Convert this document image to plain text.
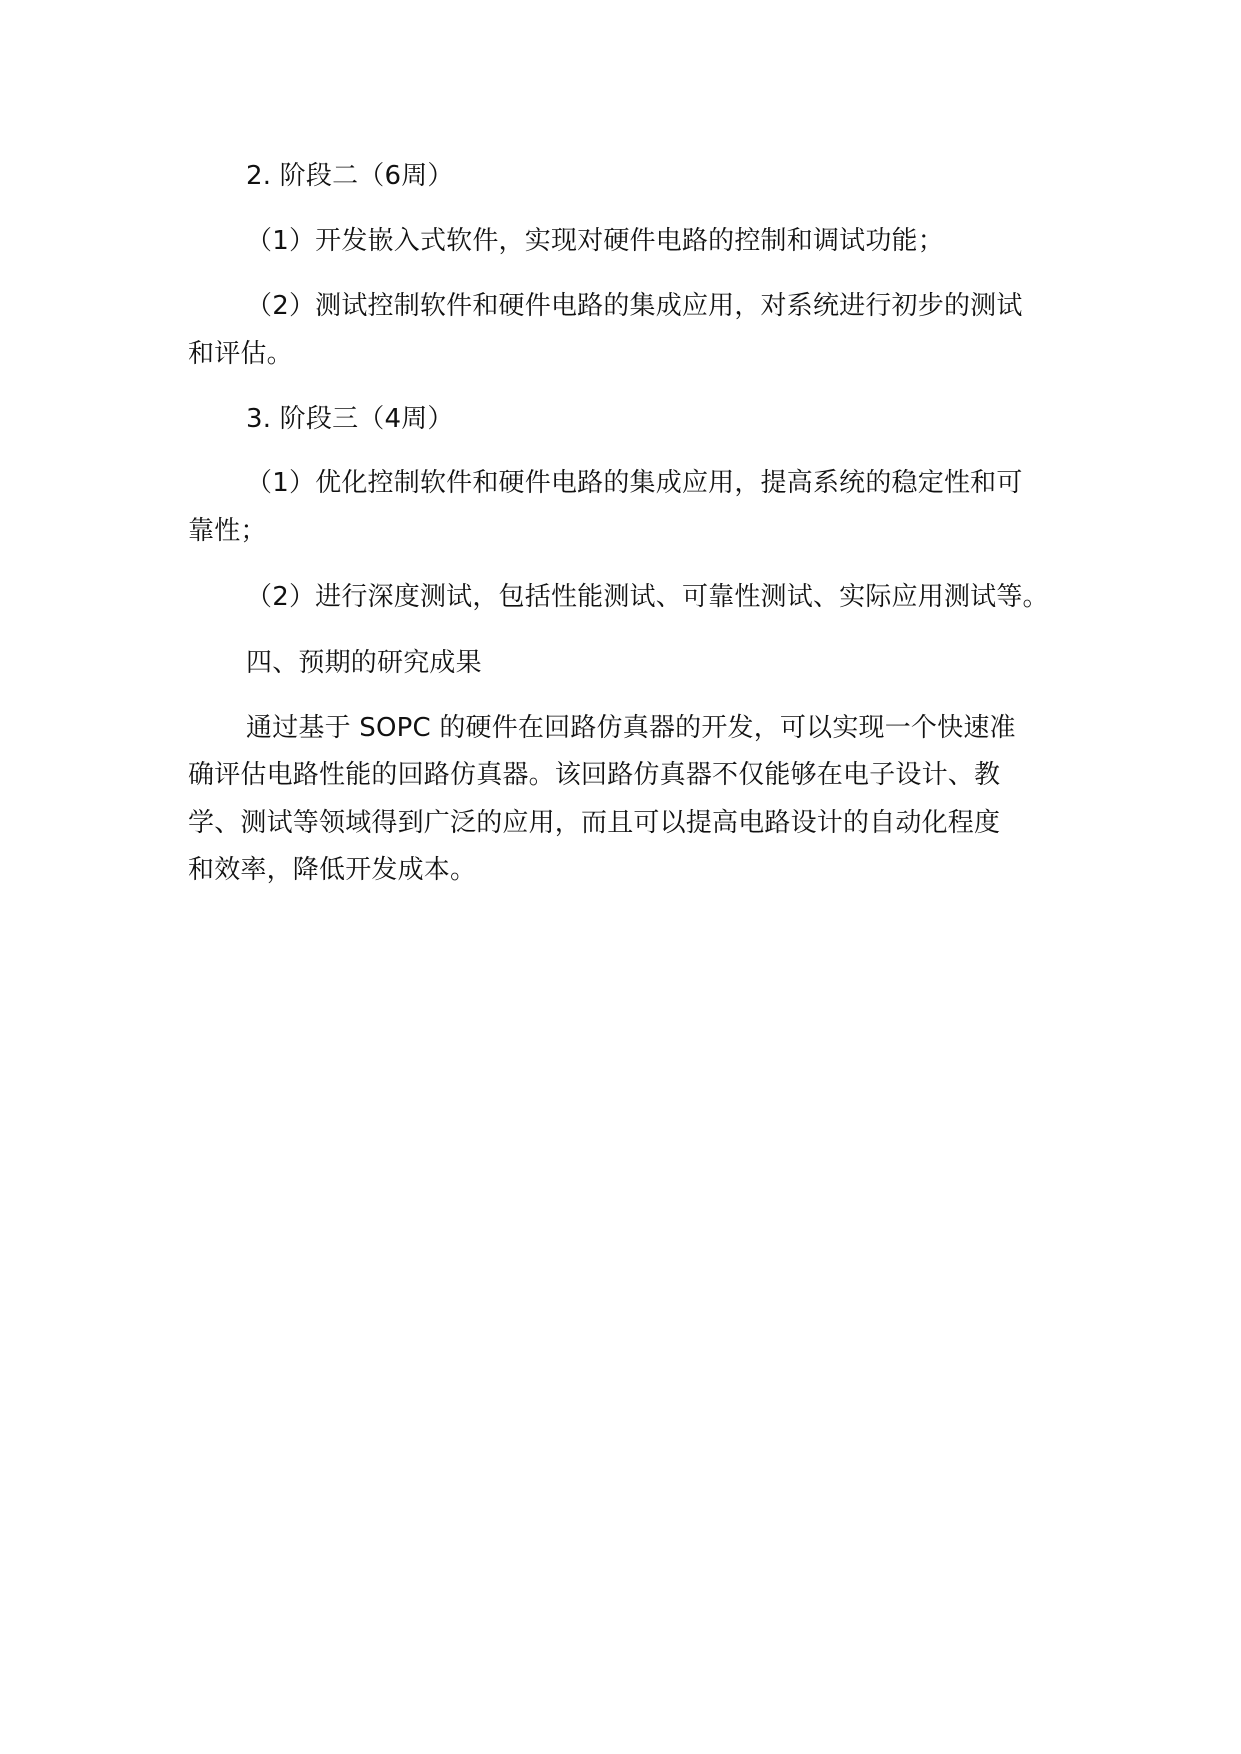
2. 阶段二（6周）
（1）开发嵌入式软件，实现对硬件电路的控制和调试功能；
（2）测试控制软件和硬件电路的集成应用，对系统进行初步的测试
和评估。
3. 阶段三（4周）
（1）优化控制软件和硬件电路的集成应用，提高系统的稳定性和可
靠性；
（2）进行深度测试，包括性能测试、可靠性测试、实际应用测试等。
四、预期的研究成果
通过基于 SOPC 的硬件在回路仿真器的开发，可以实现一个快速准
确评估电路性能的回路仿真器。该回路仿真器不仅能够在电子设计、教
学、测试等领域得到广泛的应用，而且可以提高电路设计的自动化程度
和效率，降低开发成本。
